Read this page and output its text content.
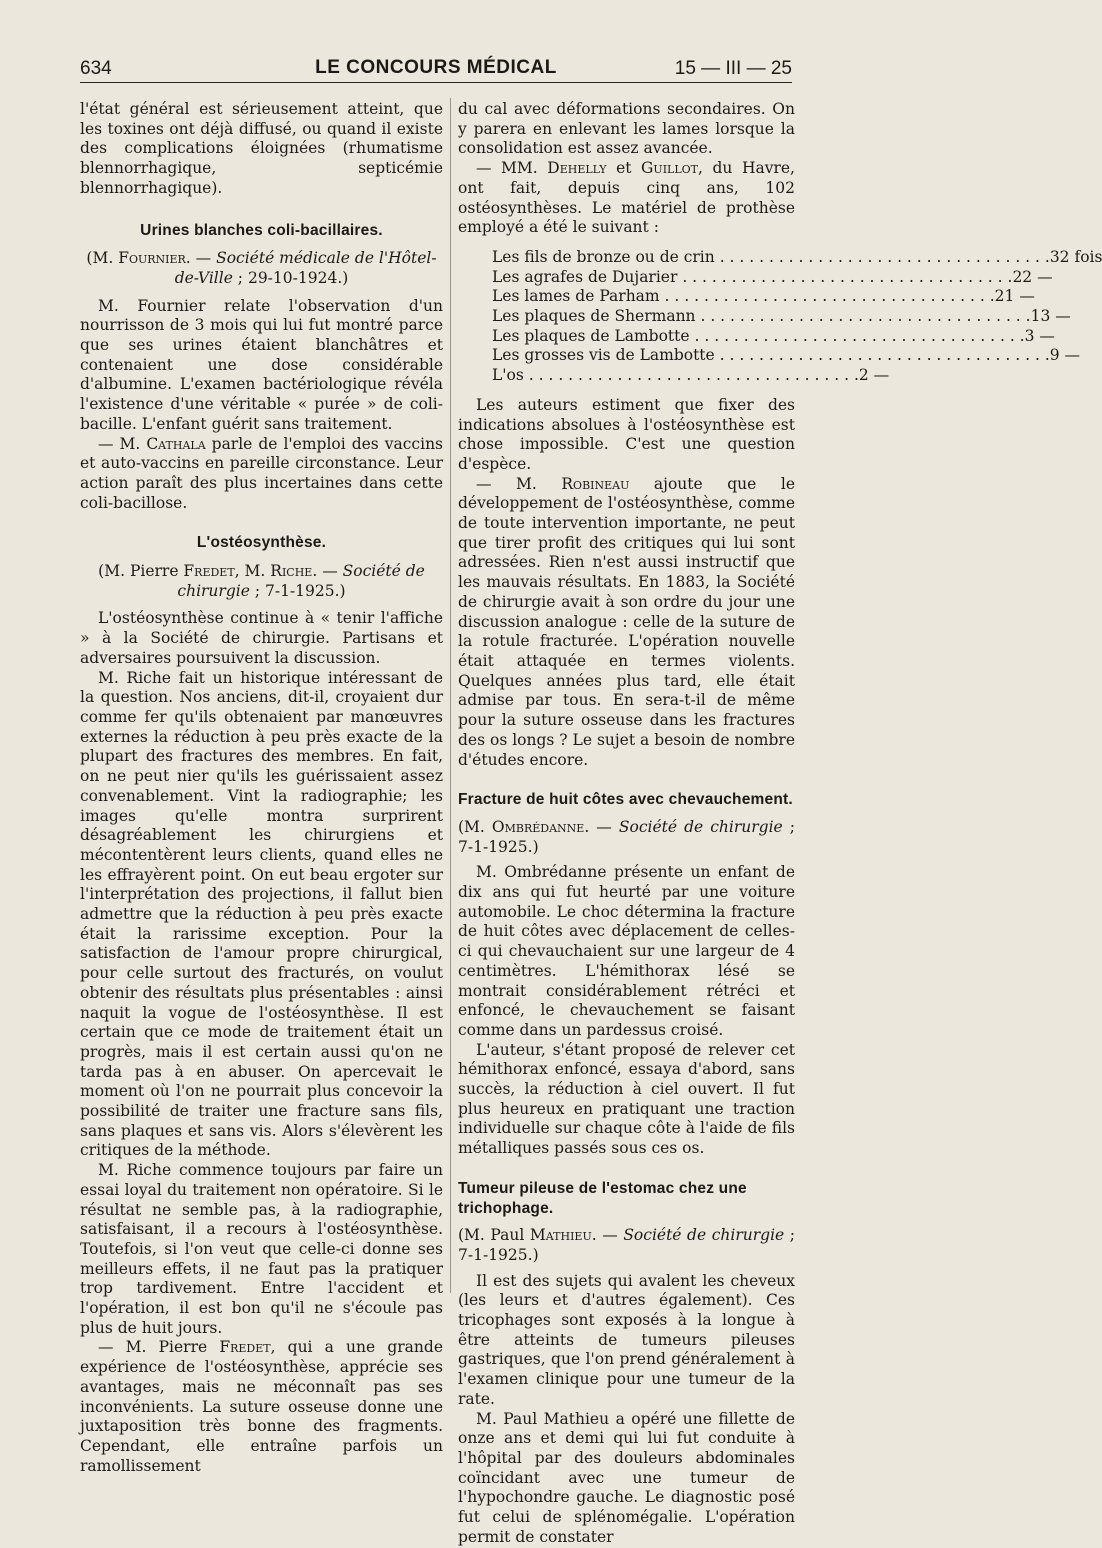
634	LE CONCOURS MÉDICAL	15 — III — 25

l'état général est sérieusement atteint, que les toxines ont déjà diffusé, ou quand il existe des complications éloignées (rhumatisme blennorrhagique, septicémie blennorrhagique).

Urines blanches coli-bacillaires.

(M. Fournier. — Société médicale de l'Hôtel-de-Ville ; 29-10-1924.)

M. Fournier relate l'observation d'un nourrisson de 3 mois qui lui fut montré parce que ses urines étaient blanchâtres et contenaient une dose considérable d'albumine. L'examen bactériologique révéla l'existence d'une véritable « purée » de coli-bacille. L'enfant guérit sans traitement.

— M. Cathala parle de l'emploi des vaccins et auto-vaccins en pareille circonstance. Leur action paraît des plus incertaines dans cette coli-bacillose.

L'ostéosynthèse.

(M. Pierre Fredet, M. Riche. — Société de chirurgie ; 7-1-1925.)

L'ostéosynthèse continue à « tenir l'affiche » à la Société de chirurgie. Partisans et adversaires poursuivent la discussion.

M. Riche fait un historique intéressant de la question. Nos anciens, dit-il, croyaient dur comme fer qu'ils obtenaient par manœuvres externes la réduction à peu près exacte de la plupart des fractures des membres. En fait, on ne peut nier qu'ils les guérissaient assez convenablement. Vint la radiographie; les images qu'elle montra surprirent désagréablement les chirurgiens et mécontentèrent leurs clients, quand elles ne les effrayèrent point. On eut beau ergoter sur l'interprétation des projections, il fallut bien admettre que la réduction à peu près exacte était la rarissime exception. Pour la satisfaction de l'amour propre chirurgical, pour celle surtout des fracturés, on voulut obtenir des résultats plus présentables : ainsi naquit la vogue de l'ostéosynthèse. Il est certain que ce mode de traitement était un progrès, mais il est certain aussi qu'on ne tarda pas à en abuser. On apercevait le moment où l'on ne pourrait plus concevoir la possibilité de traiter une fracture sans fils, sans plaques et sans vis. Alors s'élevèrent les critiques de la méthode.

M. Riche commence toujours par faire un essai loyal du traitement non opératoire. Si le résultat ne semble pas, à la radiographie, satisfaisant, il a recours à l'ostéosynthèse. Toutefois, si l'on veut que celle-ci donne ses meilleurs effets, il ne faut pas la pratiquer trop tardivement. Entre l'accident et l'opération, il est bon qu'il ne s'écoule pas plus de huit jours.

— M. Pierre Fredet, qui a une grande expérience de l'ostéosynthèse, apprécie ses avantages, mais ne méconnaît pas ses inconvénients. La suture osseuse donne une juxtaposition très bonne des fragments. Cependant, elle entraîne parfois un ramollissement

du cal avec déformations secondaires. On y parera en enlevant les lames lorsque la consolidation est assez avancée.

— MM. Dehelly et Guillot, du Havre, ont fait, depuis cinq ans, 102 ostéosynthèses. Le matériel de prothèse employé a été le suivant :

Les fils de bronze ou de crin . . .	32 fois
Les agrafes de Dujarier . . .	22 —
Les lames de Parham . . .	21 —
Les plaques de Shermann . . .	13 —
Les plaques de Lambotte . . .	3 —
Les grosses vis de Lambotte . . .	9 —
L'os . . .	2 —

Les auteurs estiment que fixer des indications absolues à l'ostéosynthèse est chose impossible. C'est une question d'espèce.

— M. Robineau ajoute que le développement de l'ostéosynthèse, comme de toute intervention importante, ne peut que tirer profit des critiques qui lui sont adressées. Rien n'est aussi instructif que les mauvais résultats. En 1883, la Société de chirurgie avait à son ordre du jour une discussion analogue : celle de la suture de la rotule fracturée. L'opération nouvelle était attaquée en termes violents. Quelques années plus tard, elle était admise par tous. En sera-t-il de même pour la suture osseuse dans les fractures des os longs ? Le sujet a besoin de nombre d'études encore.

Fracture de huit côtes avec chevauchement.

(M. Ombrédanne. — Société de chirurgie ; 7-1-1925.)

M. Ombrédanne présente un enfant de dix ans qui fut heurté par une voiture automobile. Le choc détermina la fracture de huit côtes avec déplacement de celles-ci qui chevauchaient sur une largeur de 4 centimètres. L'hémithorax lésé se montrait considérablement rétréci et enfoncé, le chevauchement se faisant comme dans un pardessus croisé.

L'auteur, s'étant proposé de relever cet hémithorax enfoncé, essaya d'abord, sans succès, la réduction à ciel ouvert. Il fut plus heureux en pratiquant une traction individuelle sur chaque côte à l'aide de fils métalliques passés sous ces os.

Tumeur pileuse de l'estomac chez une trichophage.

(M. Paul Mathieu. — Société de chirurgie ; 7-1-1925.)

Il est des sujets qui avalent les cheveux (les leurs et d'autres également). Ces tricophages sont exposés à la longue à être atteints de tumeurs pileuses gastriques, que l'on prend généralement à l'examen clinique pour une tumeur de la rate.

M. Paul Mathieu a opéré une fillette de onze ans et demi qui lui fut conduite à l'hôpital par des douleurs abdominales coïncidant avec une tumeur de l'hypochondre gauche. Le diagnostic posé fut celui de splénomégalie. L'opération permit de constater
